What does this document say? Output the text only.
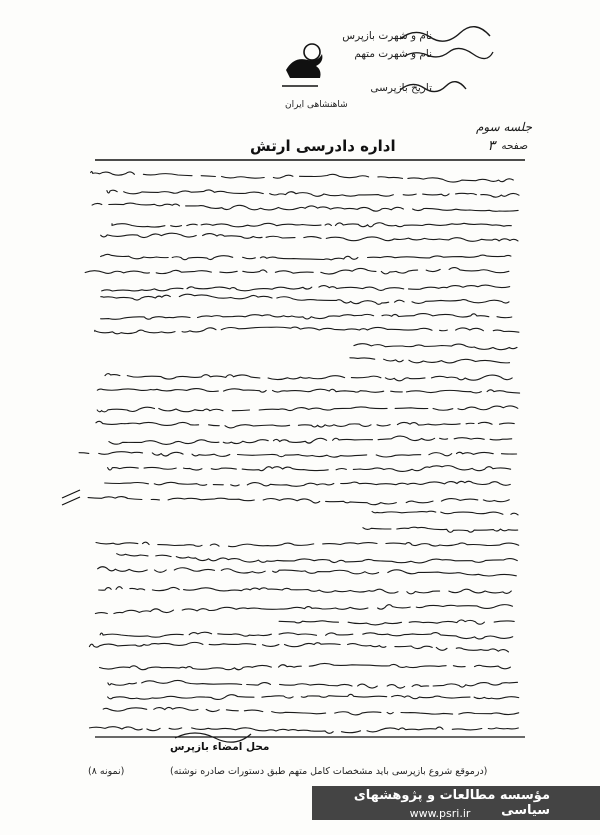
نام و شهرت بازپرس
نام و شهرت متهم
تاریخ بازپرسی
شاهنشاهی ایران
جلسه سوم
صفحه
۳
اداره دادرسی ارتش
محل امضاء بازپرس
(درموقع شروع بازپرسی باید مشخصات کامل متهم طبق دستورات صادره نوشته)
(نمونه ۸)
مؤسسه مطالعات و پژوهشهای سیاسی
www.psri.ir
